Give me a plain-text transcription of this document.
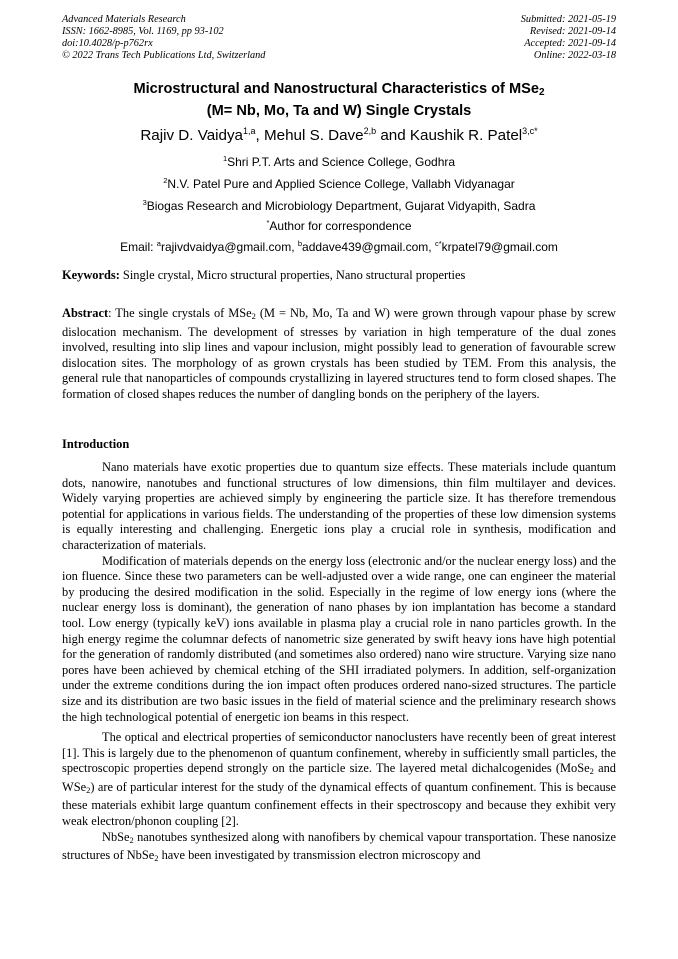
Advanced Materials Research
ISSN: 1662-8985, Vol. 1169, pp 93-102
doi:10.4028/p-p762rx
© 2022 Trans Tech Publications Ltd, Switzerland
Submitted: 2021-05-19
Revised: 2021-09-14
Accepted: 2021-09-14
Online: 2022-03-18
Microstructural and Nanostructural Characteristics of MSe$_2$
(M= Nb, Mo, Ta and W) Single Crystals
Rajiv D. Vaidya$^{1,a}$, Mehul S. Dave$^{2,b}$ and Kaushik R. Patel$^{3,c*}$
$^1$Shri P.T. Arts and Science College, Godhra
$^2$N.V. Patel Pure and Applied Science College, Vallabh Vidyanagar
$^3$Biogas Research and Microbiology Department, Gujarat Vidyapith, Sadra
*Author for correspondence
Email: $^a$rajivdvaidya@gmail.com, $^b$addave439@gmail.com, $^{c*}$krpatel79@gmail.com
Keywords: Single crystal, Micro structural properties, Nano structural properties
Abstract: The single crystals of MSe$_2$ (M = Nb, Mo, Ta and W) were grown through vapour phase by screw dislocation mechanism. The development of stresses by variation in high temperature of the dual zones involved, resulting into slip lines and vapour inclusion, might possibly lead to generation of favourable screw dislocation sites. The morphology of as grown crystals has been studied by TEM. From this analysis, the general rule that nanoparticles of compounds crystallizing in layered structures tend to form closed shapes. The formation of closed shapes reduces the number of dangling bonds on the periphery of the layers.
Introduction

Nano materials have exotic properties due to quantum size effects. These materials include quantum dots, nanowire, nanotubes and functional structures of low dimensions, thin film multilayer and devices. Widely varying properties are achieved simply by engineering the particle size. It has therefore tremendous potential for applications in various fields. The understanding of the properties of these low dimension systems is equally interesting and challenging. Energetic ions play a crucial role in synthesis, modification and characterization of materials.

Modification of materials depends on the energy loss (electronic and/or the nuclear energy loss) and the ion fluence. Since these two parameters can be well-adjusted over a wide range, one can engineer the material by producing the desired modification in the solid. Especially in the regime of low energy ions (where the nuclear energy loss is dominant), the generation of nano phases by ion implantation has become a standard tool. Low energy (typically keV) ions available in plasma play a crucial role in nano particles growth. In the high energy regime the columnar defects of nanometric size generated by swift heavy ions have high potential for the generation of randomly distributed (and sometimes also ordered) nano wire structure. Varying size nano pores have been achieved by chemical etching of the SHI irradiated polymers. In addition, self-organization under the extreme conditions during the ion impact often produces ordered nano-sized structures. The particle size and its distribution are two basic issues in the field of material science and the preliminary research shows the high technological potential of energetic ion beams in this respect.

The optical and electrical properties of semiconductor nanoclusters have recently been of great interest [1]. This is largely due to the phenomenon of quantum confinement, whereby in sufficiently small particles, the spectroscopic properties depend strongly on the particle size. The layered metal dichalcogenides (MoSe$_2$ and WSe$_2$) are of particular interest for the study of the dynamical effects of quantum confinement. This is because these materials exhibit large quantum confinement effects in their spectroscopy and because they exhibit very weak electron/phonon coupling [2].

NbSe$_2$ nanotubes synthesized along with nanofibers by chemical vapour transportation. These nanosize structures of NbSe$_2$ have been investigated by transmission electron microscopy and
